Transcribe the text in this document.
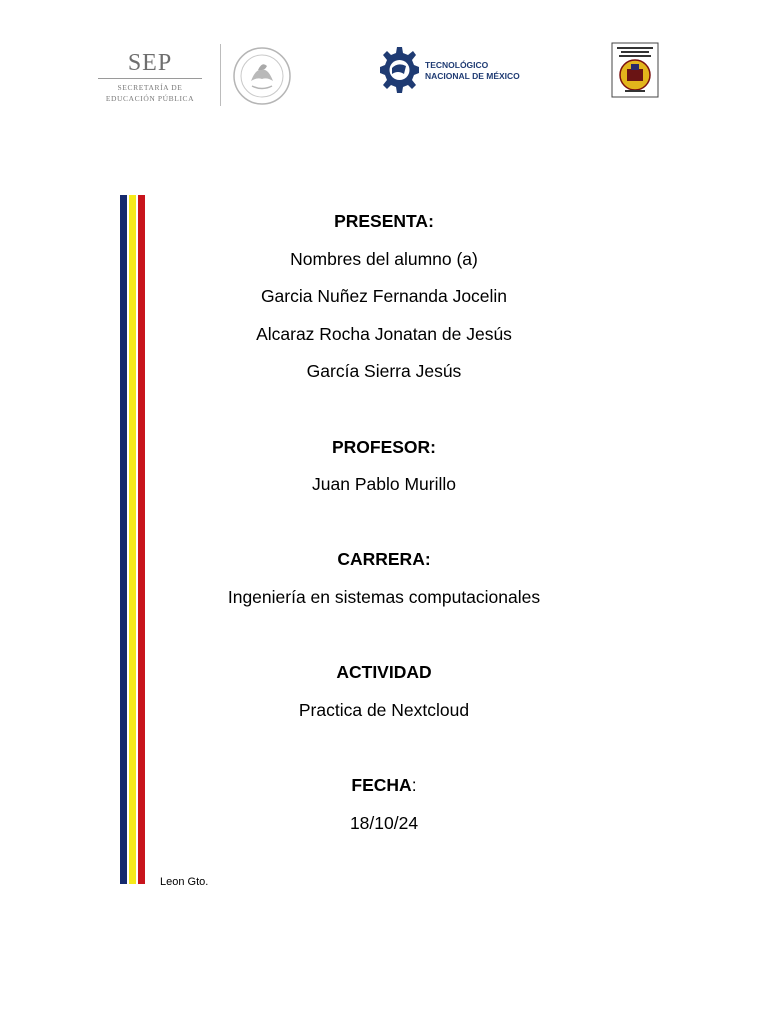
SEP
SECRETARÍA DE
EDUCACIÓN PÚBLICA
TECNOLÓGICO
NACIONAL DE MÉXICO
PRESENTA:
Nombres del alumno (a)
Garcia Nuñez Fernanda Jocelin
Alcaraz Rocha Jonatan de Jesús
García Sierra Jesús
PROFESOR:
Juan Pablo Murillo
CARRERA:
Ingeniería en sistemas computacionales
ACTIVIDAD
Practica de Nextcloud
FECHA:
18/10/24
Leon Gto.
